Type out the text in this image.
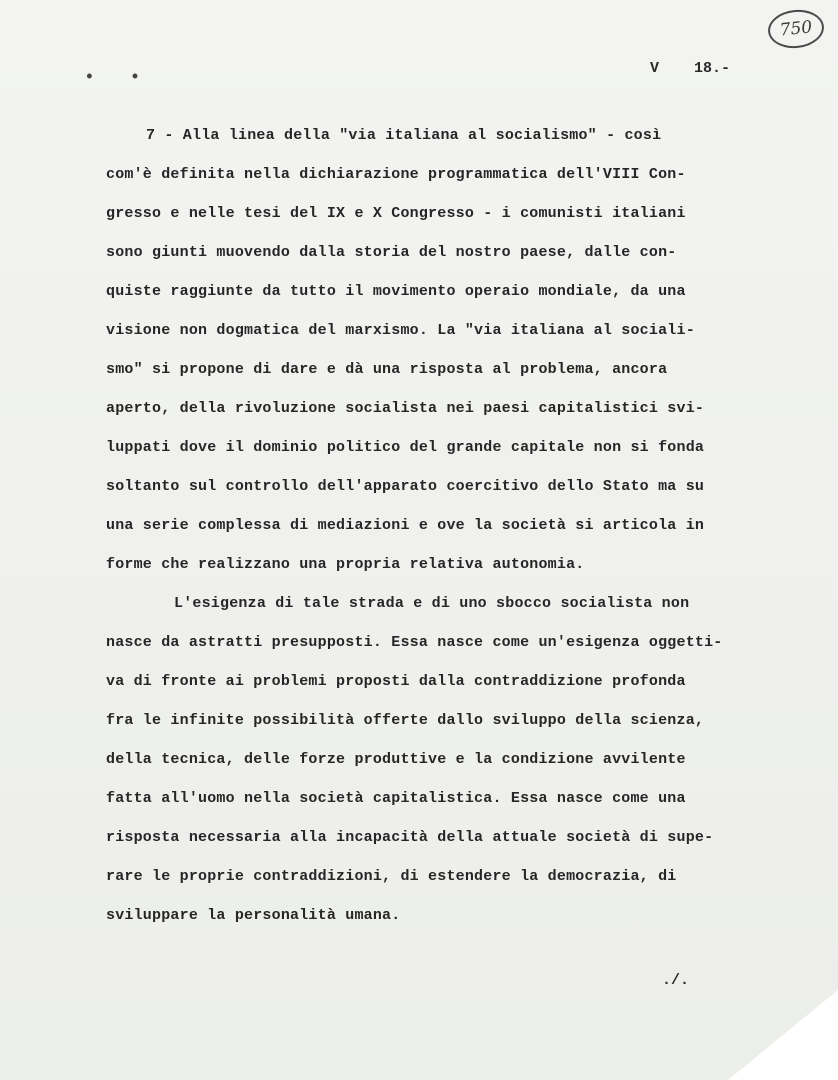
750
• •	V 18.-
7 - Alla linea della "via italiana al socialismo" - così
com'è definita nella dichiarazione programmatica dell'VIII Con-
gresso e nelle tesi del IX e X Congresso - i comunisti italiani
sono giunti muovendo dalla storia del nostro paese, dalle con-
quiste raggiunte da tutto il movimento operaio mondiale, da una
visione non dogmatica del marxismo. La "via italiana al sociali-
smo" si propone di dare e dà una risposta al problema, ancora
aperto, della rivoluzione socialista nei paesi capitalistici svi-
luppati dove il dominio politico del grande capitale non si fonda
soltanto sul controllo dell'apparato coercitivo dello Stato ma su
una serie complessa di mediazioni e ove la società si articola in
forme che realizzano una propria relativa autonomia.
L'esigenza di tale strada e di uno sbocco socialista non
nasce da astratti presupposti. Essa nasce come un'esigenza oggetti-
va di fronte ai problemi proposti dalla contraddizione profonda
fra le infinite possibilità offerte dallo sviluppo della scienza,
della tecnica, delle forze produttive e la condizione avvilente
fatta all'uomo nella società capitalistica. Essa nasce come una
risposta necessaria alla incapacità della attuale società di supe-
rare le proprie contraddizioni, di estendere la democrazia, di
sviluppare la personalità umana.
./.
